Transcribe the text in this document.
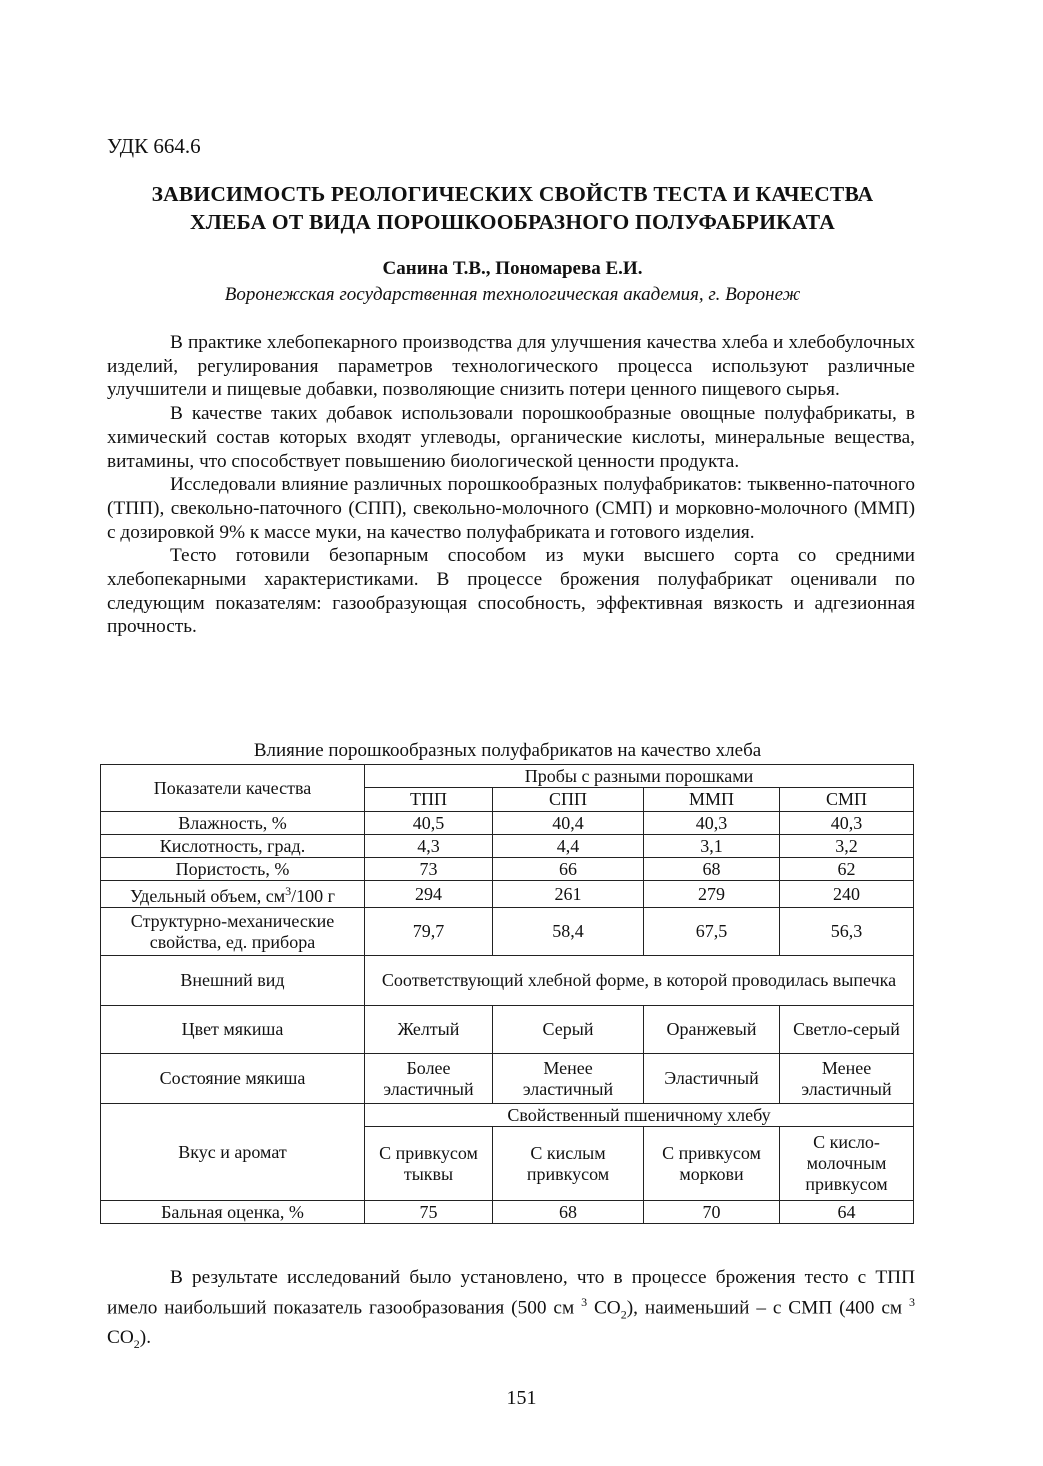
УДК 664.6
ЗАВИСИМОСТЬ РЕОЛОГИЧЕСКИХ СВОЙСТВ ТЕСТА И КАЧЕСТВА
ХЛЕБА ОТ ВИДА ПОРОШКООБРАЗНОГО ПОЛУФАБРИКАТА
Санина Т.В., Пономарева Е.И.
Воронежская государственная технологическая академия, г. Воронеж

В практике хлебопекарного производства для улучшения качества хлеба и хлебобулочных изделий, регулирования параметров технологического процесса используют различные улучшители и пищевые добавки, позволяющие снизить потери ценного пищевого сырья.

В качестве таких добавок использовали порошкообразные овощные полуфабрикаты, в химический состав которых входят углеводы, органические кислоты, минеральные вещества, витамины, что способствует повышению биологической ценности продукта.

Исследовали влияние различных порошкообразных полуфабрикатов: тыквенно-паточного (ТПП), свекольно-паточного (СПП), свекольно-молочного (СМП) и морковно-молочного (ММП) с дозировкой 9% к массе муки, на качество полуфабриката и готового изделия.

Тесто готовили безопарным способом из муки высшего сорта со средними хлебопекарными характеристиками. В процессе брожения полуфабрикат оценивали по следующим показателям: газообразующая способность, эффективная вязкость и адгезионная прочность.

Влияние порошкообразных полуфабрикатов на качество хлеба
Показатели качества	Пробы с разными порошками			
	ТПП	СПП	ММП	СМП
Влажность, %	40,5	40,4	40,3	40,3
Кислотность, град.	4,3	4,4	3,1	3,2
Пористость, %	73	66	68	62
Удельный объем, $см^3/100$ г	294	261	279	240
Структурно-механические свойства, ед. прибора	79,7	58,4	67,5	56,3
Внешний вид	Соответствующий хлебной форме, в которой проводилась выпечка			
Цвет мякиша	Желтый	Серый	Оранжевый	Светло-серый
Состояние мякиша	Более эластичный	Менее эластичный	Эластичный	Менее эластичный
Вкус и аромат	Свойственный пшеничному хлебу			
	С привкусом тыквы	С кислым привкусом	С привкусом моркови	С кисло-молочным привкусом
Бальная оценка, %	75	68	70	64

В результате исследований было установлено, что в процессе брожения тесто с ТПП имело наибольший показатель газообразования (500 см $^3$ $CO_2$), наименьший – с СМП (400 см $^3$ $CO_2$).

151
